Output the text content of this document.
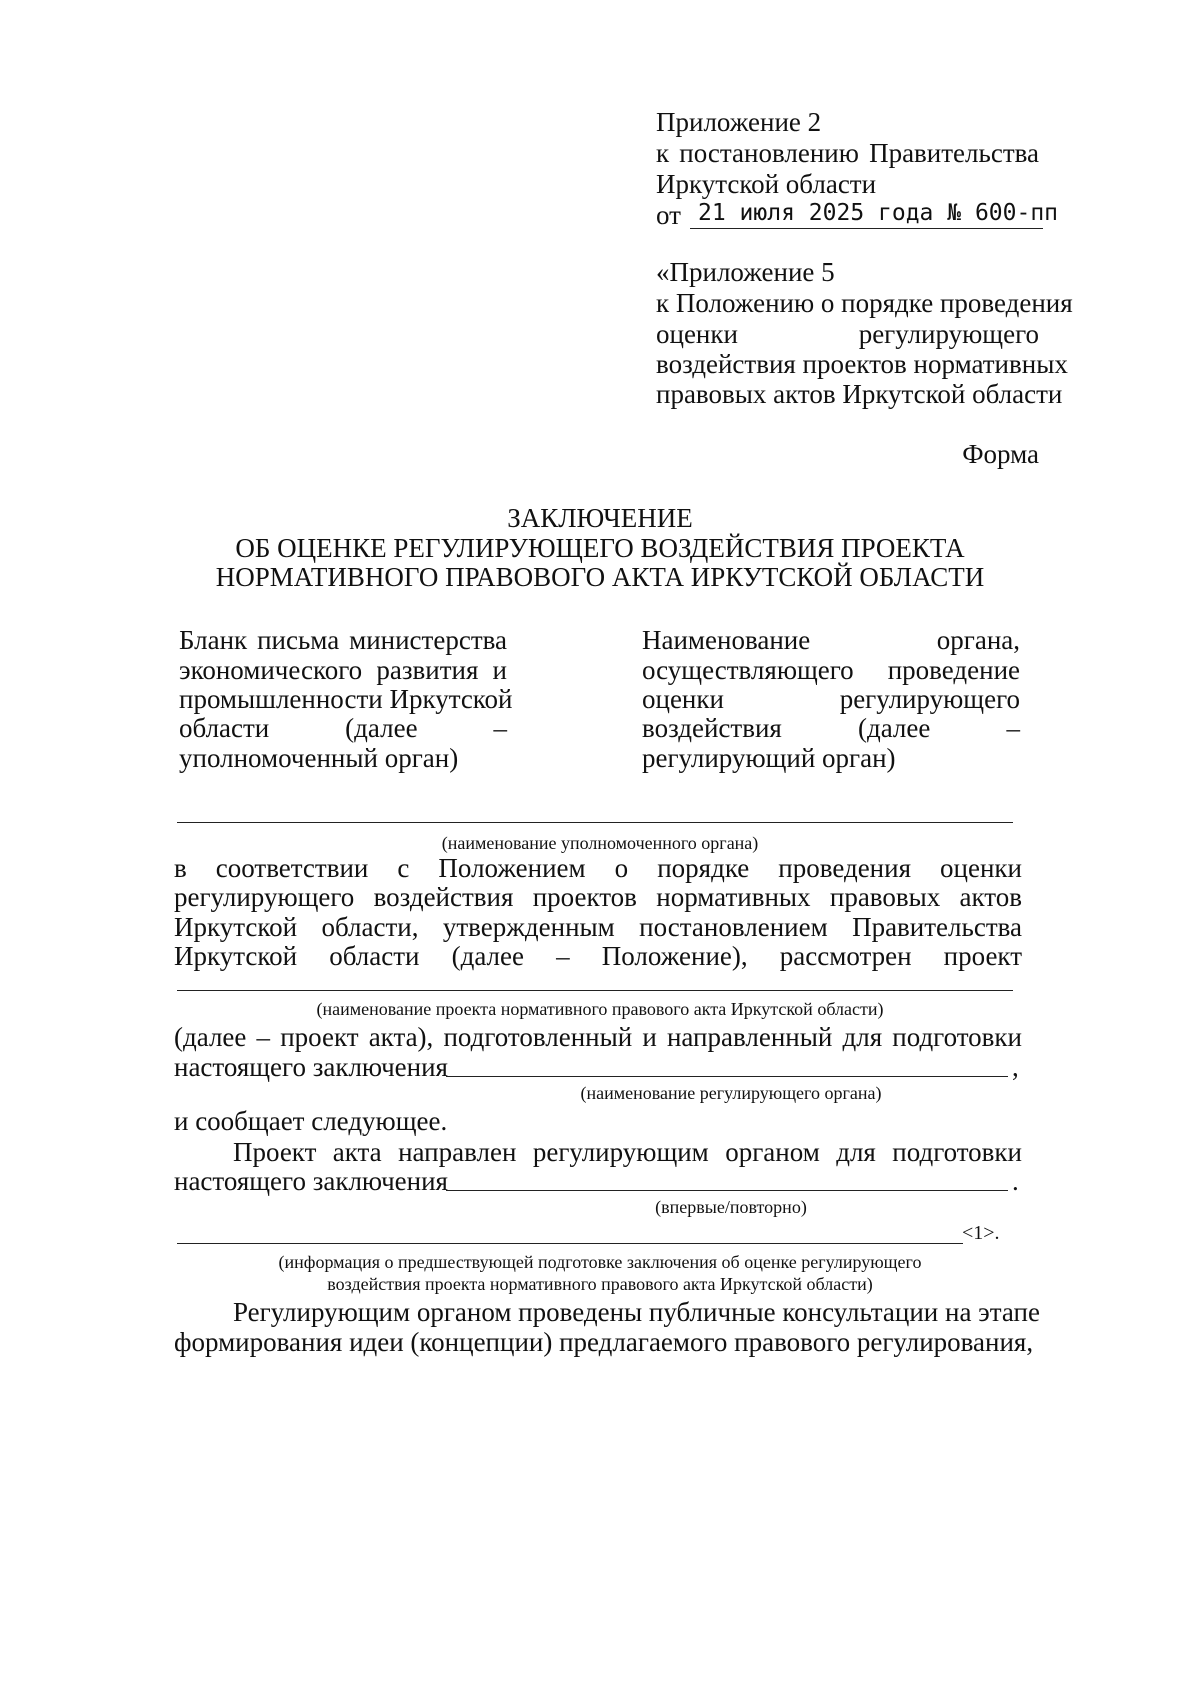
Приложение 2
к постановлению Правительства
Иркутской области
от 21 июля 2025 года № 600-пп
«Приложение 5
к Положению о порядке проведения
оценки регулирующего
воздействия проектов нормативных
правовых актов Иркутской области
Форма
ЗАКЛЮЧЕНИЕ
ОБ ОЦЕНКЕ РЕГУЛИРУЮЩЕГО ВОЗДЕЙСТВИЯ ПРОЕКТА
НОРМАТИВНОГО ПРАВОВОГО АКТА ИРКУТСКОЙ ОБЛАСТИ
Бланк письма министерства
экономического развития и
промышленности Иркутской
области (далее –
уполномоченный орган)
Наименование органа,
осуществляющего проведение
оценки регулирующего
воздействия (далее –
регулирующий орган)
(наименование уполномоченного органа)
в соответствии с Положением о порядке проведения оценки
регулирующего воздействия проектов нормативных правовых актов
Иркутской области, утвержденным постановлением Правительства
Иркутской области (далее – Положение), рассмотрен проект
(наименование проекта нормативного правового акта Иркутской области)
(далее – проект акта), подготовленный и направленный для подготовки
настоящего заключения	,
(наименование регулирующего органа)
и сообщает следующее.
Проект акта направлен регулирующим органом для подготовки
настоящего заключения	.
(впервые/повторно)
<1>.
(информация о предшествующей подготовке заключения об оценке регулирующего
воздействия проекта нормативного правового акта Иркутской области)
Регулирующим органом проведены публичные консультации на этапе
формирования идеи (концепции) предлагаемого правового регулирования,
